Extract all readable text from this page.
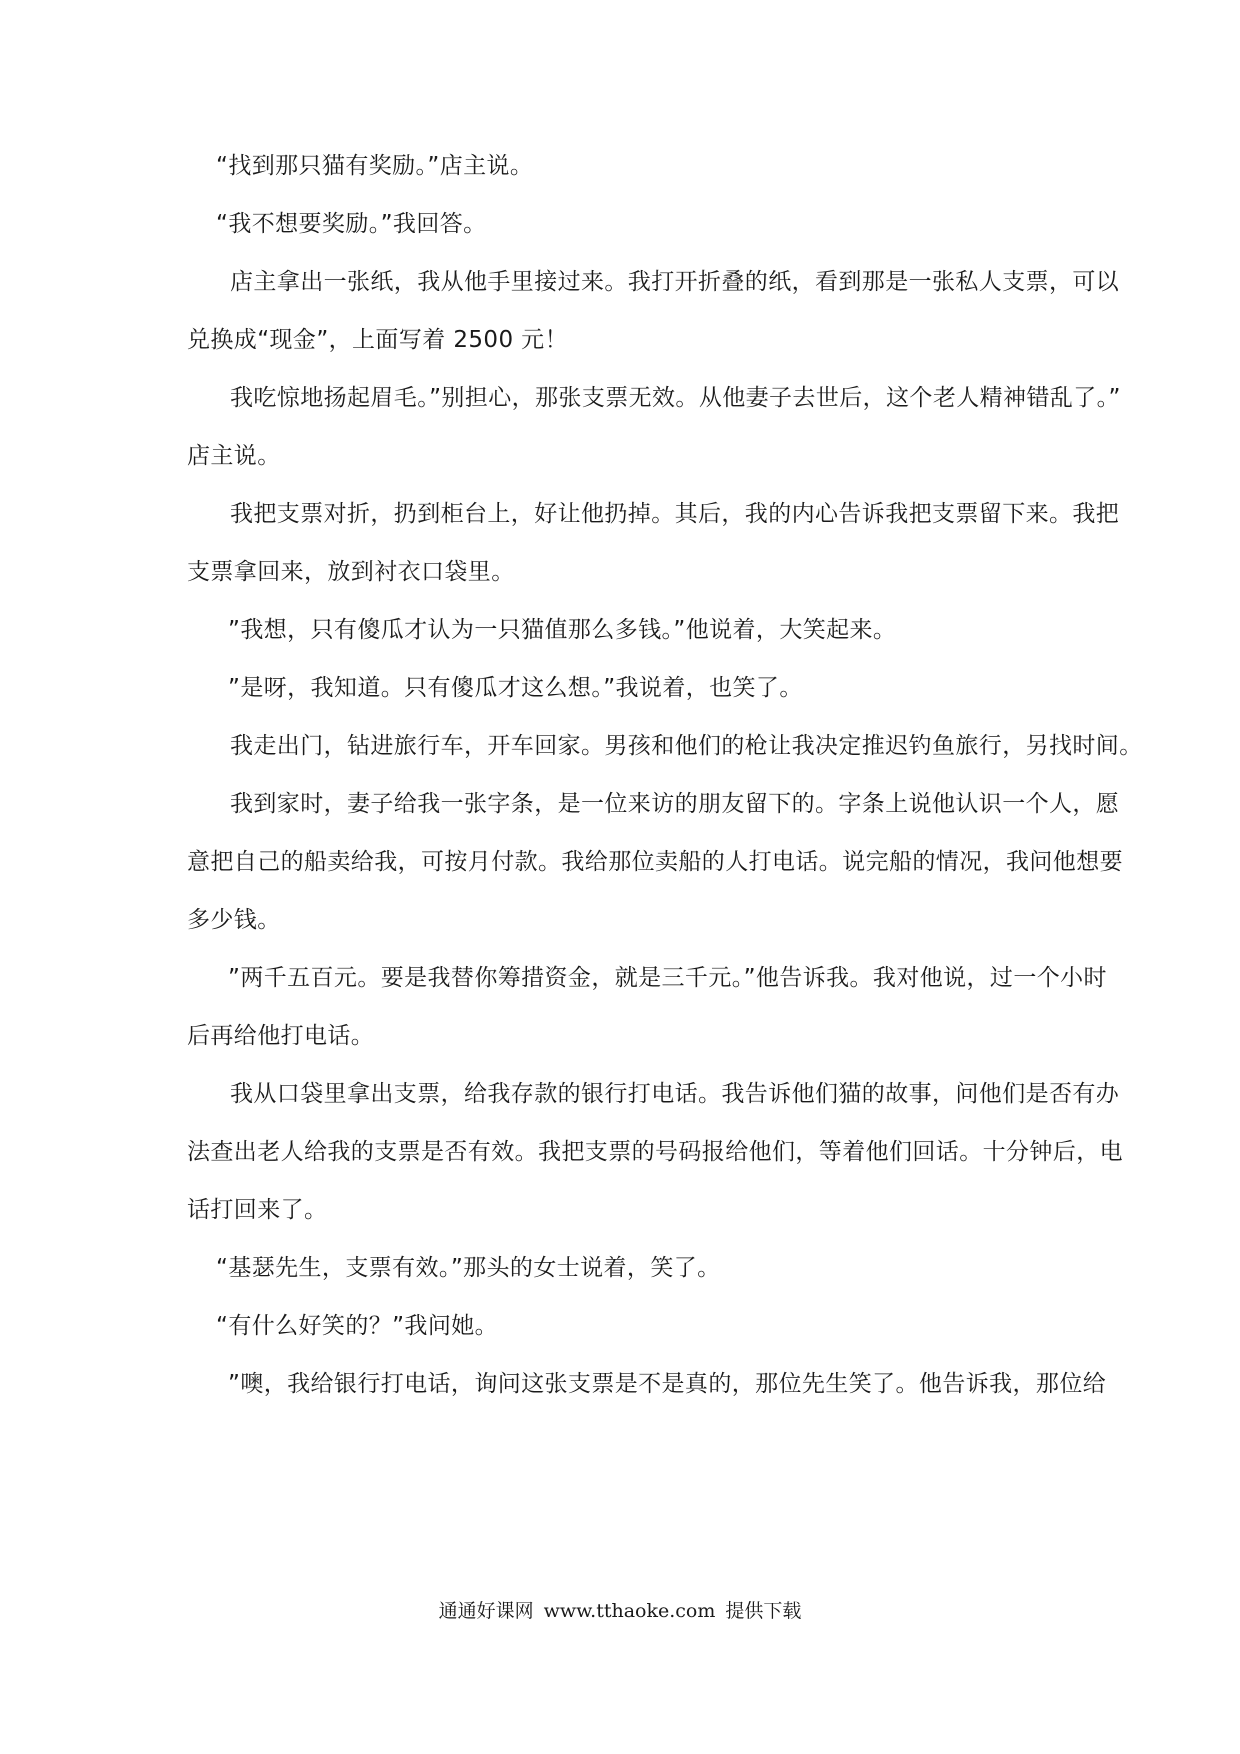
“找到那只猫有奖励。”店主说。
“我不想要奖励。”我回答。
店主拿出一张纸，我从他手里接过来。我打开折叠的纸，看到那是一张私人支票，可以
兑换成“现金”，上面写着 2500 元！
我吃惊地扬起眉毛。”别担心，那张支票无效。从他妻子去世后，这个老人精神错乱了。”
店主说。
我把支票对折，扔到柜台上，好让他扔掉。其后，我的内心告诉我把支票留下来。我把
支票拿回来，放到衬衣口袋里。
”我想，只有傻瓜才认为一只猫值那么多钱。”他说着，大笑起来。
”是呀，我知道。只有傻瓜才这么想。”我说着，也笑了。
我走出门，钻进旅行车，开车回家。男孩和他们的枪让我决定推迟钓鱼旅行，另找时间。
我到家时，妻子给我一张字条，是一位来访的朋友留下的。字条上说他认识一个人，愿
意把自己的船卖给我，可按月付款。我给那位卖船的人打电话。说完船的情况，我问他想要
多少钱。
”两千五百元。要是我替你筹措资金，就是三千元。”他告诉我。我对他说，过一个小时
后再给他打电话。
我从口袋里拿出支票，给我存款的银行打电话。我告诉他们猫的故事，问他们是否有办
法查出老人给我的支票是否有效。我把支票的号码报给他们，等着他们回话。十分钟后，电
话打回来了。
“基瑟先生，支票有效。”那头的女士说着，笑了。
“有什么好笑的？”我问她。
”噢，我给银行打电话，询问这张支票是不是真的，那位先生笑了。他告诉我，那位给
通通好课网 www.tthaoke.com 提供下载
